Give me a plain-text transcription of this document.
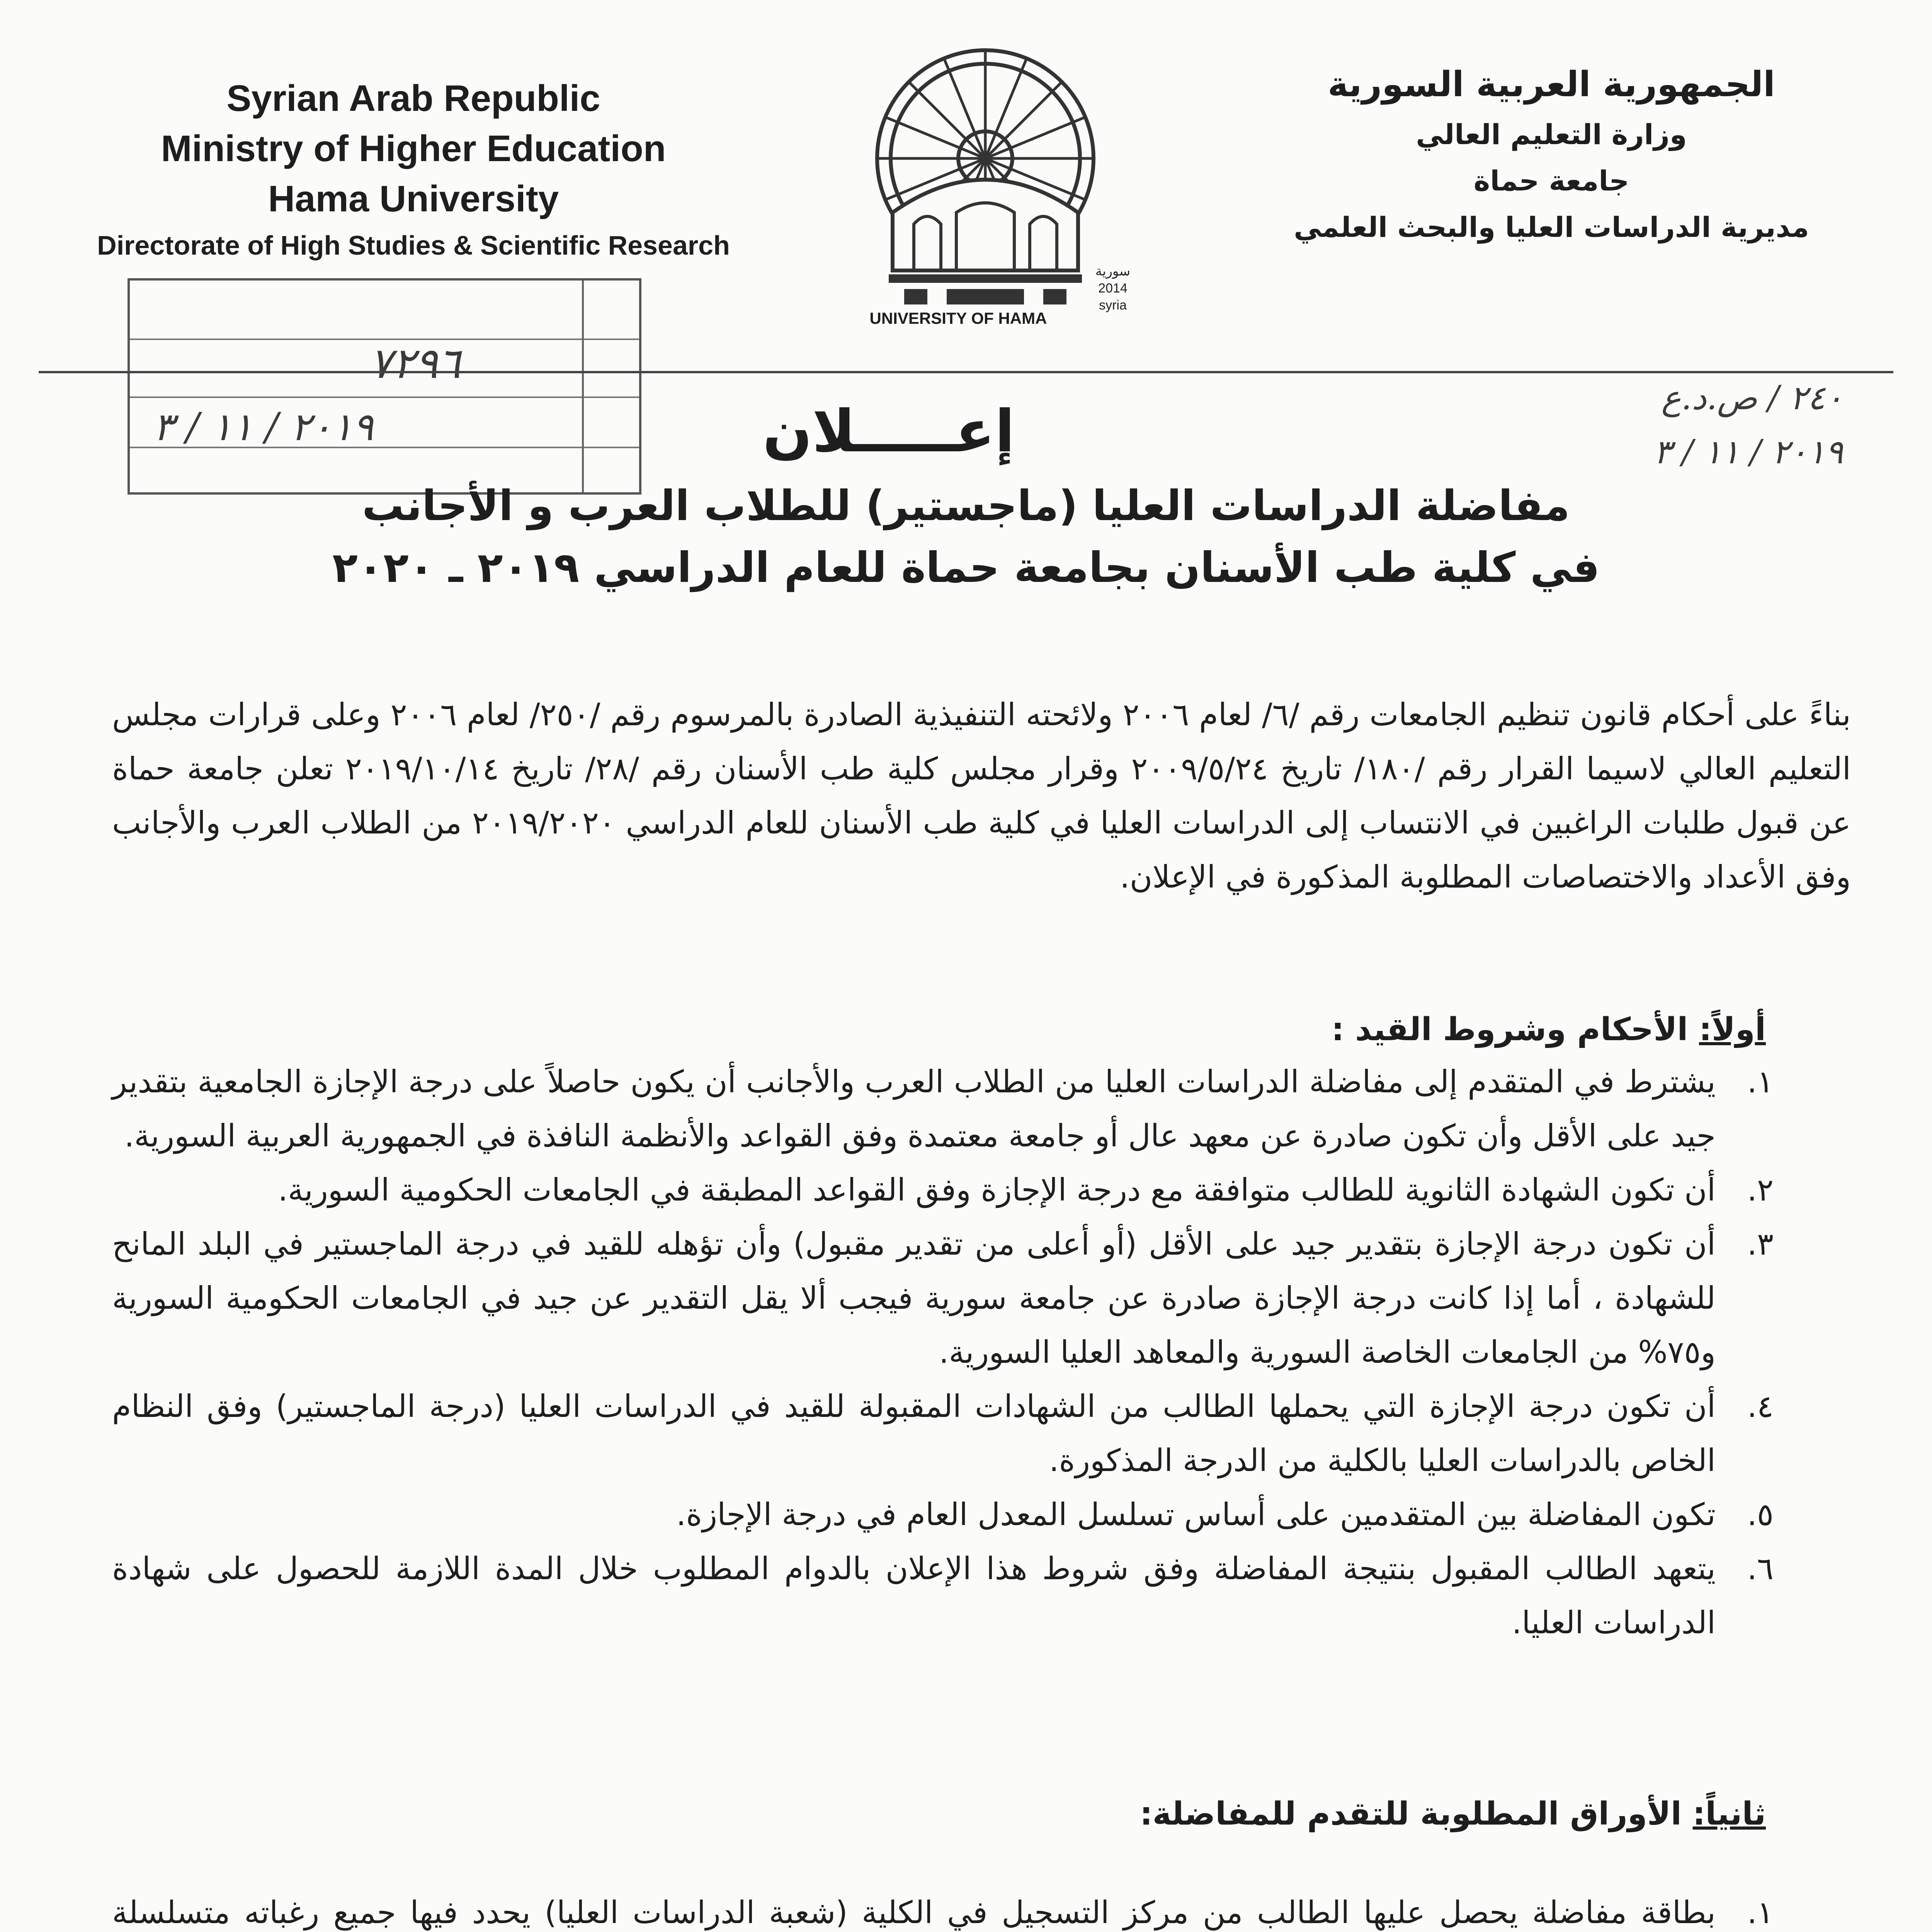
Syrian Arab Republic
Ministry of Higher Education
Hama University
Directorate of High Studies & Scientific Research
الجمهورية العربية السورية
وزارة التعليم العالي
جامعة حماة
مديرية الدراسات العليا والبحث العلمي
سورية
2014
syria
UNIVERSITY OF HAMA
٧٢٩٦
٢٠١٩ / ١١ / ٣
٢٤٠ / ص.د.ع
٢٠١٩ / ١١ / ٣
إعـــــلان
مفاضلة الدراسات العليا (ماجستير) للطلاب العرب و الأجانب
في كلية طب الأسنان بجامعة حماة للعام الدراسي ٢٠١٩ ـ ٢٠٢٠
بناءً على أحكام قانون تنظيم الجامعات رقم /٦/ لعام ٢٠٠٦ ولائحته التنفيذية الصادرة بالمرسوم رقم /٢٥٠/ لعام ٢٠٠٦ وعلى قرارات مجلس التعليم العالي لاسيما القرار رقم /١٨٠/ تاريخ ٢٠٠٩/٥/٢٤ وقرار مجلس كلية طب الأسنان رقم /٢٨/ تاريخ ٢٠١٩/١٠/١٤ تعلن جامعة حماة عن قبول طلبات الراغبين في الانتساب إلى الدراسات العليا في كلية طب الأسنان للعام الدراسي ٢٠١٩/٢٠٢٠ من الطلاب العرب والأجانب وفق الأعداد والاختصاصات المطلوبة المذكورة في الإعلان.
أولاً: الأحكام وشروط القيد :
١.
يشترط في المتقدم إلى مفاضلة الدراسات العليا من الطلاب العرب والأجانب أن يكون حاصلاً على درجة الإجازة الجامعية بتقدير جيد على الأقل وأن تكون صادرة عن معهد عال أو جامعة معتمدة وفق القواعد والأنظمة النافذة في الجمهورية العربية السورية.
٢.
أن تكون الشهادة الثانوية للطالب متوافقة مع درجة الإجازة وفق القواعد المطبقة في الجامعات الحكومية السورية.
٣.
أن تكون درجة الإجازة بتقدير جيد على الأقل (أو أعلى من تقدير مقبول) وأن تؤهله للقيد في درجة الماجستير في البلد المانح للشهادة ، أما إذا كانت درجة الإجازة صادرة عن جامعة سورية فيجب ألا يقل التقدير عن جيد في الجامعات الحكومية السورية و٧٥% من الجامعات الخاصة السورية والمعاهد العليا السورية.
٤.
أن تكون درجة الإجازة التي يحملها الطالب من الشهادات المقبولة للقيد في الدراسات العليا (درجة الماجستير) وفق النظام الخاص بالدراسات العليا بالكلية من الدرجة المذكورة.
٥.
تكون المفاضلة بين المتقدمين على أساس تسلسل المعدل العام في درجة الإجازة.
٦.
يتعهد الطالب المقبول بنتيجة المفاضلة وفق شروط هذا الإعلان بالدوام المطلوب خلال المدة اللازمة للحصول على شهادة الدراسات العليا.
ثانياً: الأوراق المطلوبة للتقدم للمفاضلة:
١.
بطاقة مفاضلة يحصل عليها الطالب من مركز التسجيل في الكلية (شعبة الدراسات العليا) يحدد فيها جميع رغباته متسلسلة
